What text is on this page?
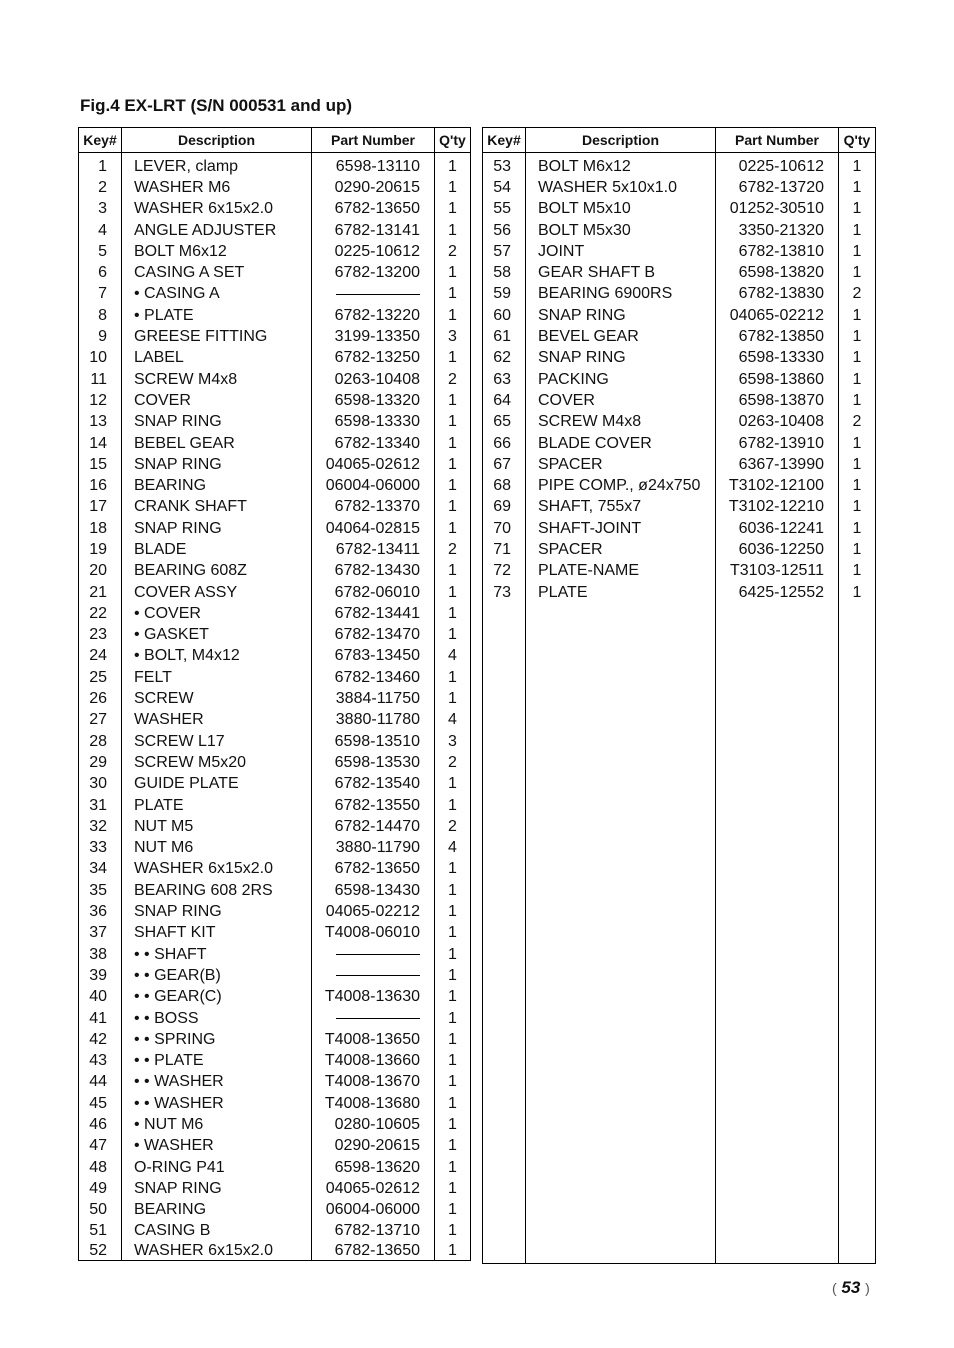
Fig.4 EX-LRT (S/N 000531 and up)
Key#	Description	Part Number	Q'ty
1	LEVER, clamp	6598-13110	1
2	WASHER M6	0290-20615	1
3	WASHER 6x15x2.0	6782-13650	1
4	ANGLE ADJUSTER	6782-13141	1
5	BOLT M6x12	0225-10612	2
6	CASING A SET	6782-13200	1
7	• CASING A		1
8	• PLATE	6782-13220	1
9	GREESE FITTING	3199-13350	3
10	LABEL	6782-13250	1
11	SCREW M4x8	0263-10408	2
12	COVER	6598-13320	1
13	SNAP RING	6598-13330	1
14	BEBEL GEAR	6782-13340	1
15	SNAP RING	04065-02612	1
16	BEARING	06004-06000	1
17	CRANK SHAFT	6782-13370	1
18	SNAP RING	04064-02815	1
19	BLADE	6782-13411	2
20	BEARING 608Z	6782-13430	1
21	COVER ASSY	6782-06010	1
22	• COVER	6782-13441	1
23	• GASKET	6782-13470	1
24	• BOLT, M4x12	6783-13450	4
25	FELT	6782-13460	1
26	SCREW	3884-11750	1
27	WASHER	3880-11780	4
28	SCREW L17	6598-13510	3
29	SCREW M5x20	6598-13530	2
30	GUIDE PLATE	6782-13540	1
31	PLATE	6782-13550	1
32	NUT M5	6782-14470	2
33	NUT M6	3880-11790	4
34	WASHER 6x15x2.0	6782-13650	1
35	BEARING 608 2RS	6598-13430	1
36	SNAP RING	04065-02212	1
37	SHAFT KIT	T4008-06010	1
38	• • SHAFT		1
39	• • GEAR(B)		1
40	• • GEAR(C)	T4008-13630	1
41	• • BOSS		1
42	• • SPRING	T4008-13650	1
43	• • PLATE	T4008-13660	1
44	• • WASHER	T4008-13670	1
45	• • WASHER	T4008-13680	1
46	• NUT M6	0280-10605	1
47	• WASHER	0290-20615	1
48	O-RING P41	6598-13620	1
49	SNAP RING	04065-02612	1
50	BEARING	06004-06000	1
51	CASING B	6782-13710	1
52	WASHER 6x15x2.0	6782-13650	1
Key#	Description	Part Number	Q'ty
53	BOLT M6x12	0225-10612	1
54	WASHER 5x10x1.0	6782-13720	1
55	BOLT M5x10	01252-30510	1
56	BOLT M5x30	3350-21320	1
57	JOINT	6782-13810	1
58	GEAR SHAFT B	6598-13820	1
59	BEARING 6900RS	6782-13830	2
60	SNAP RING	04065-02212	1
61	BEVEL GEAR	6782-13850	1
62	SNAP RING	6598-13330	1
63	PACKING	6598-13860	1
64	COVER	6598-13870	1
65	SCREW M4x8	0263-10408	2
66	BLADE COVER	6782-13910	1
67	SPACER	6367-13990	1
68	PIPE COMP., ø24x750	T3102-12100	1
69	SHAFT, 755x7	T3102-12210	1
70	SHAFT-JOINT	6036-12241	1
71	SPACER	6036-12250	1
72	PLATE-NAME	T3103-12511	1
73	PLATE	6425-12552	1

( 53 )
